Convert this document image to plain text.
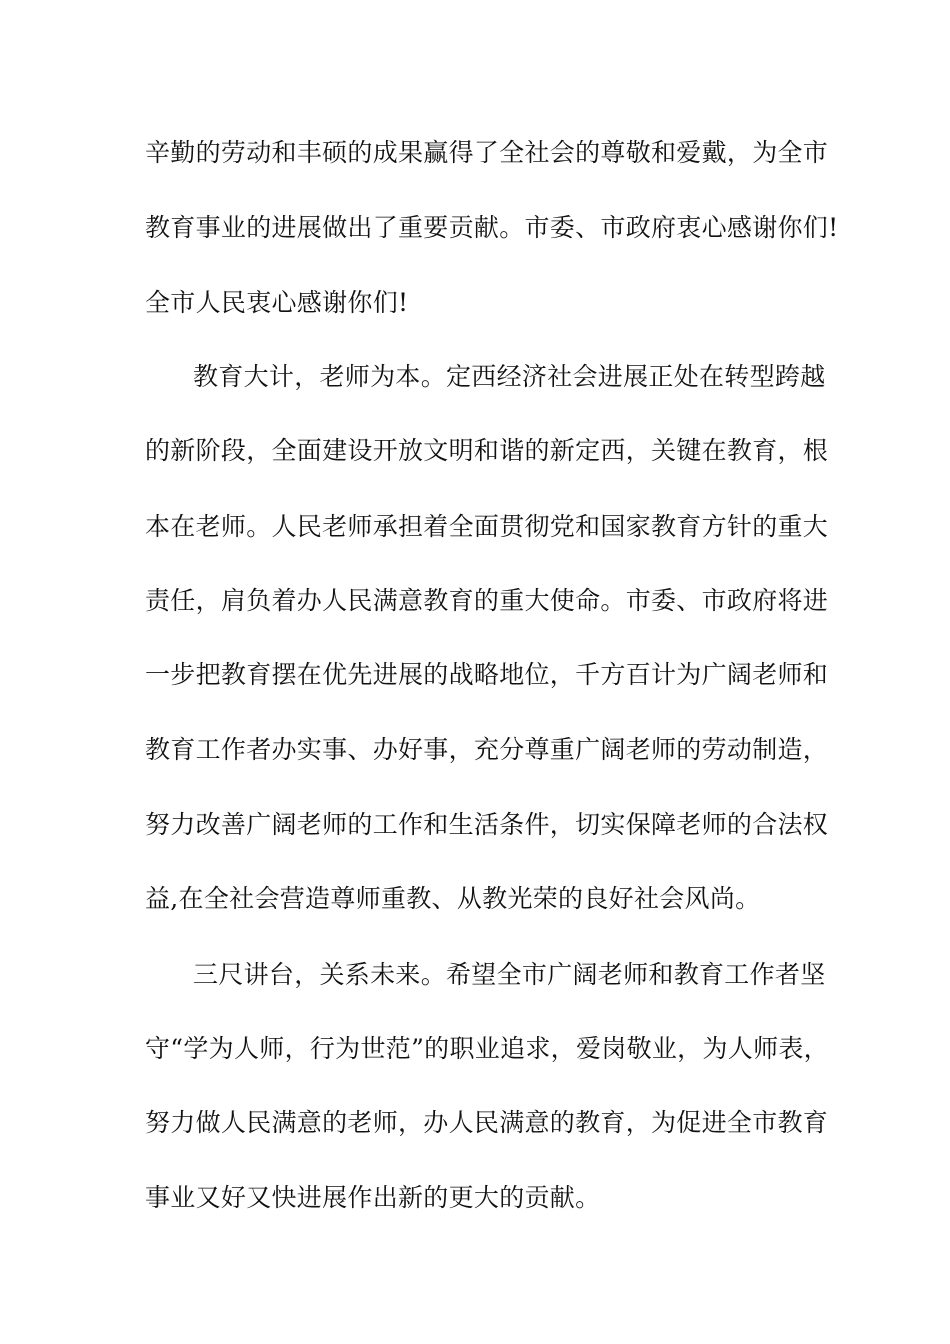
辛勤的劳动和丰硕的成果赢得了全社会的尊敬和爱戴，为全市
教育事业的进展做出了重要贡献。市委、市政府衷心感谢你们!
全市人民衷心感谢你们!
教育大计，老师为本。定西经济社会进展正处在转型跨越
的新阶段，全面建设开放文明和谐的新定西，关键在教育，根
本在老师。人民老师承担着全面贯彻党和国家教育方针的重大
责任，肩负着办人民满意教育的重大使命。市委、市政府将进
一步把教育摆在优先进展的战略地位，千方百计为广阔老师和
教育工作者办实事、办好事，充分尊重广阔老师的劳动制造，
努力改善广阔老师的工作和生活条件，切实保障老师的合法权
益,在全社会营造尊师重教、从教光荣的良好社会风尚。
三尺讲台，关系未来。希望全市广阔老师和教育工作者坚
守“学为人师，行为世范”的职业追求，爱岗敬业，为人师表，
努力做人民满意的老师，办人民满意的教育，为促进全市教育
事业又好又快进展作出新的更大的贡献。
